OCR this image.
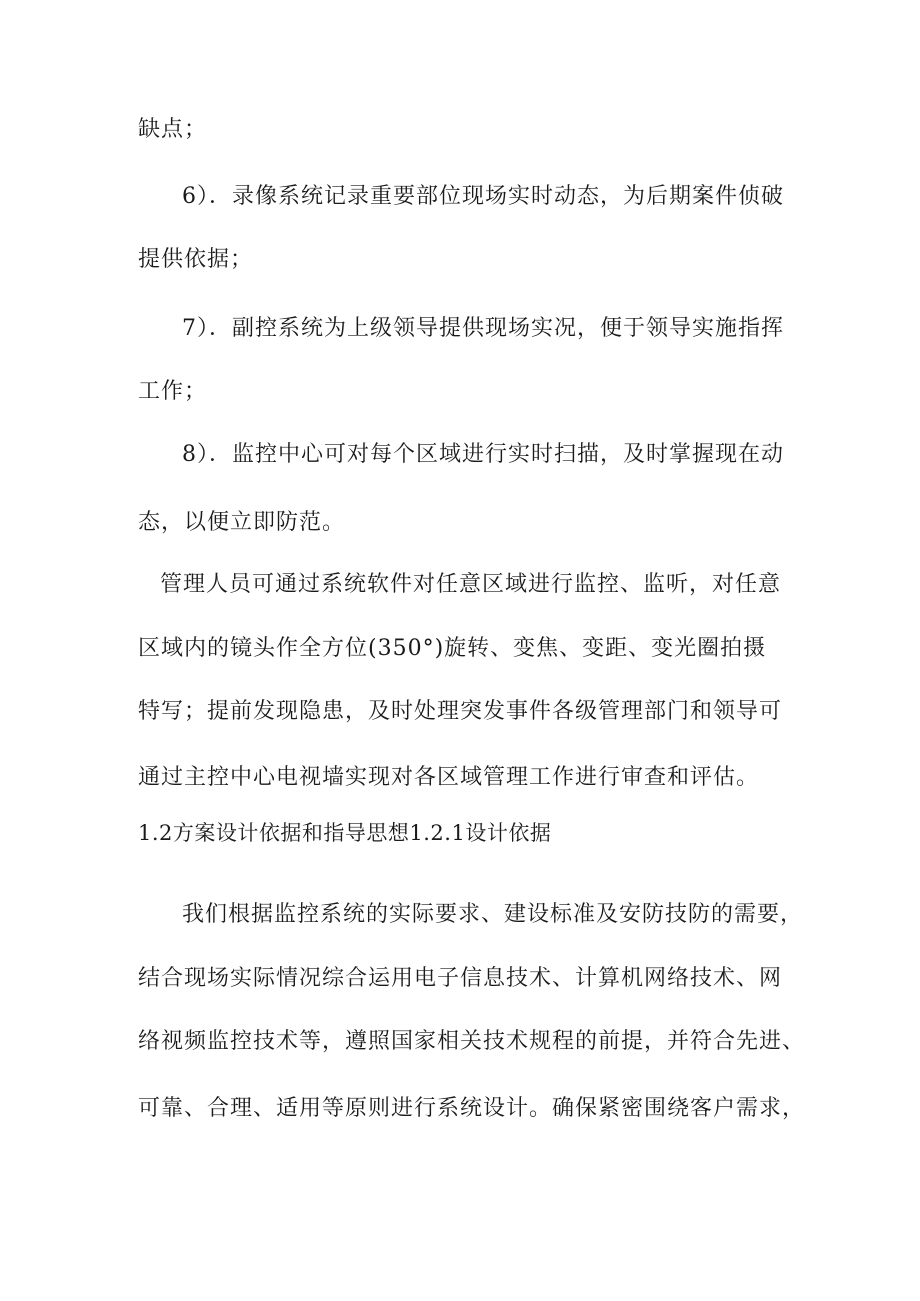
缺点；
6）．录像系统记录重要部位现场实时动态，为后期案件侦破
提供依据；
7）．副控系统为上级领导提供现场实况，便于领导实施指挥
工作；
8）．监控中心可对每个区域进行实时扫描，及时掌握现在动
态，以便立即防范。
管理人员可通过系统软件对任意区域进行监控、监听，对任意
区域内的镜头作全方位(350°)旋转、变焦、变距、变光圈拍摄
特写；提前发现隐患，及时处理突发事件各级管理部门和领导可
通过主控中心电视墙实现对各区域管理工作进行审查和评估。
1.2方案设计依据和指导思想1.2.1设计依据
我们根据监控系统的实际要求、建设标准及安防技防的需要，
结合现场实际情况综合运用电子信息技术、计算机网络技术、网
络视频监控技术等，遵照国家相关技术规程的前提，并符合先进、
可靠、合理、适用等原则进行系统设计。确保紧密围绕客户需求，
